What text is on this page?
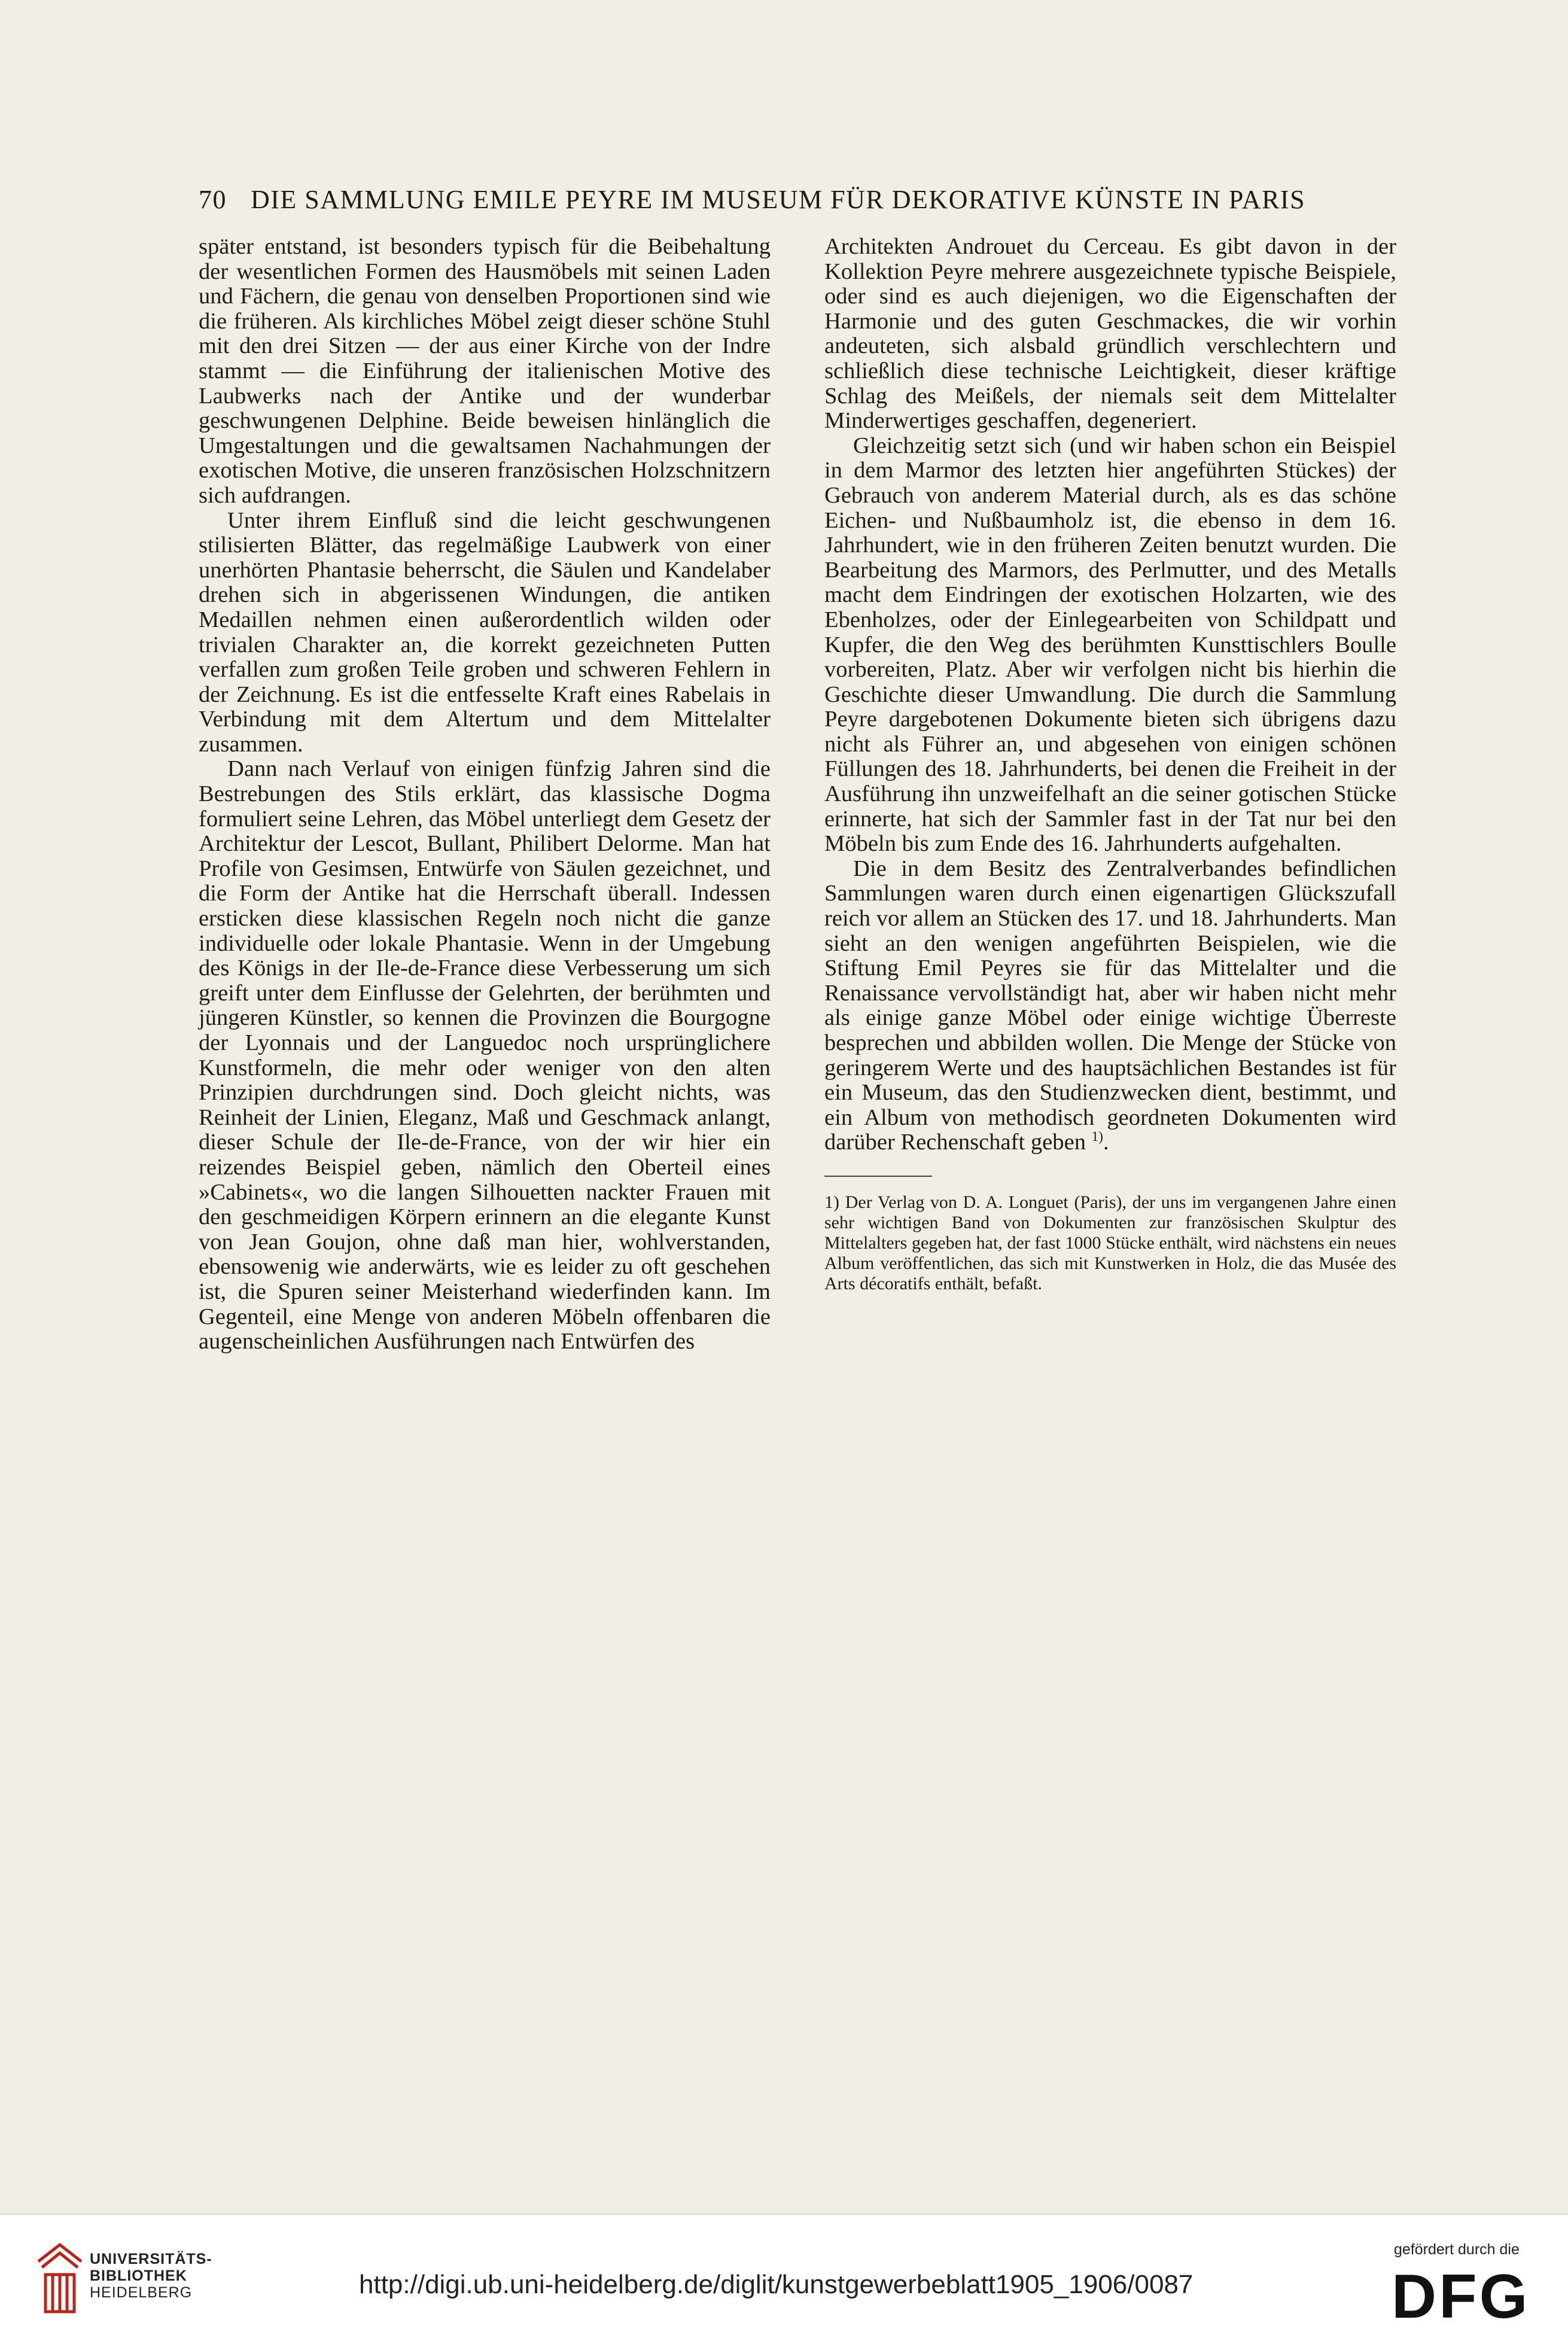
70 DIE SAMMLUNG EMILE PEYRE IM MUSEUM FÜR DEKORATIVE KÜNSTE IN PARIS

später entstand, ist besonders typisch für die Beibehaltung der wesentlichen Formen des Hausmöbels mit seinen Laden und Fächern, die genau von denselben Proportionen sind wie die früheren. Als kirchliches Möbel zeigt dieser schöne Stuhl mit den drei Sitzen — der aus einer Kirche von der Indre stammt — die Einführung der italienischen Motive des Laubwerks nach der Antike und der wunderbar geschwungenen Delphine. Beide beweisen hinlänglich die Umgestaltungen und die gewaltsamen Nachahmungen der exotischen Motive, die unseren französischen Holzschnitzern sich aufdrangen.

Unter ihrem Einfluß sind die leicht geschwungenen stilisierten Blätter, das regelmäßige Laubwerk von einer unerhörten Phantasie beherrscht, die Säulen und Kandelaber drehen sich in abgerissenen Windungen, die antiken Medaillen nehmen einen außerordentlich wilden oder trivialen Charakter an, die korrekt gezeichneten Putten verfallen zum großen Teile groben und schweren Fehlern in der Zeichnung. Es ist die entfesselte Kraft eines Rabelais in Verbindung mit dem Altertum und dem Mittelalter zusammen.

Dann nach Verlauf von einigen fünfzig Jahren sind die Bestrebungen des Stils erklärt, das klassische Dogma formuliert seine Lehren, das Möbel unterliegt dem Gesetz der Architektur der Lescot, Bullant, Philibert Delorme. Man hat Profile von Gesimsen, Entwürfe von Säulen gezeichnet, und die Form der Antike hat die Herrschaft überall. Indessen ersticken diese klassischen Regeln noch nicht die ganze individuelle oder lokale Phantasie. Wenn in der Umgebung des Königs in der Ile-de-France diese Verbesserung um sich greift unter dem Einflusse der Gelehrten, der berühmten und jüngeren Künstler, so kennen die Provinzen die Bourgogne der Lyonnais und der Languedoc noch ursprünglichere Kunstformeln, die mehr oder weniger von den alten Prinzipien durchdrungen sind. Doch gleicht nichts, was Reinheit der Linien, Eleganz, Maß und Geschmack anlangt, dieser Schule der Ile-de-France, von der wir hier ein reizendes Beispiel geben, nämlich den Oberteil eines »Cabinets«, wo die langen Silhouetten nackter Frauen mit den geschmeidigen Körpern erinnern an die elegante Kunst von Jean Goujon, ohne daß man hier, wohlverstanden, ebensowenig wie anderwärts, wie es leider zu oft geschehen ist, die Spuren seiner Meisterhand wiederfinden kann. Im Gegenteil, eine Menge von anderen Möbeln offenbaren die augenscheinlichen Ausführungen nach Entwürfen des

Architekten Androuet du Cerceau. Es gibt davon in der Kollektion Peyre mehrere ausgezeichnete typische Beispiele, oder sind es auch diejenigen, wo die Eigenschaften der Harmonie und des guten Geschmackes, die wir vorhin andeuteten, sich alsbald gründlich verschlechtern und schließlich diese technische Leichtigkeit, dieser kräftige Schlag des Meißels, der niemals seit dem Mittelalter Minderwertiges geschaffen, degeneriert.

Gleichzeitig setzt sich (und wir haben schon ein Beispiel in dem Marmor des letzten hier angeführten Stückes) der Gebrauch von anderem Material durch, als es das schöne Eichen- und Nußbaumholz ist, die ebenso in dem 16. Jahrhundert, wie in den früheren Zeiten benutzt wurden. Die Bearbeitung des Marmors, des Perlmutter, und des Metalls macht dem Eindringen der exotischen Holzarten, wie des Ebenholzes, oder der Einlegearbeiten von Schildpatt und Kupfer, die den Weg des berühmten Kunsttischlers Boulle vorbereiten, Platz. Aber wir verfolgen nicht bis hierhin die Geschichte dieser Umwandlung. Die durch die Sammlung Peyre dargebotenen Dokumente bieten sich übrigens dazu nicht als Führer an, und abgesehen von einigen schönen Füllungen des 18. Jahrhunderts, bei denen die Freiheit in der Ausführung ihn unzweifelhaft an die seiner gotischen Stücke erinnerte, hat sich der Sammler fast in der Tat nur bei den Möbeln bis zum Ende des 16. Jahrhunderts aufgehalten.

Die in dem Besitz des Zentralverbandes befindlichen Sammlungen waren durch einen eigenartigen Glückszufall reich vor allem an Stücken des 17. und 18. Jahrhunderts. Man sieht an den wenigen angeführten Beispielen, wie die Stiftung Emil Peyres sie für das Mittelalter und die Renaissance vervollständigt hat, aber wir haben nicht mehr als einige ganze Möbel oder einige wichtige Überreste besprechen und abbilden wollen. Die Menge der Stücke von geringerem Werte und des hauptsächlichen Bestandes ist für ein Museum, das den Studienzwecken dient, bestimmt, und ein Album von methodisch geordneten Dokumenten wird darüber Rechenschaft geben $^{1)}$.

1) Der Verlag von D. A. Longuet (Paris), der uns im vergangenen Jahre einen sehr wichtigen Band von Dokumenten zur französischen Skulptur des Mittelalters gegeben hat, der fast 1000 Stücke enthält, wird nächstens ein neues Album veröffentlichen, das sich mit Kunstwerken in Holz, die das Musée des Arts décoratifs enthält, befaßt.

UNIVERSITÄTS-
BIBLIOTHEK
HEIDELBERG	http://digi.ub.uni-heidelberg.de/diglit/kunstgewerbeblatt1905_1906/0087
gefördert durch die
DFG
